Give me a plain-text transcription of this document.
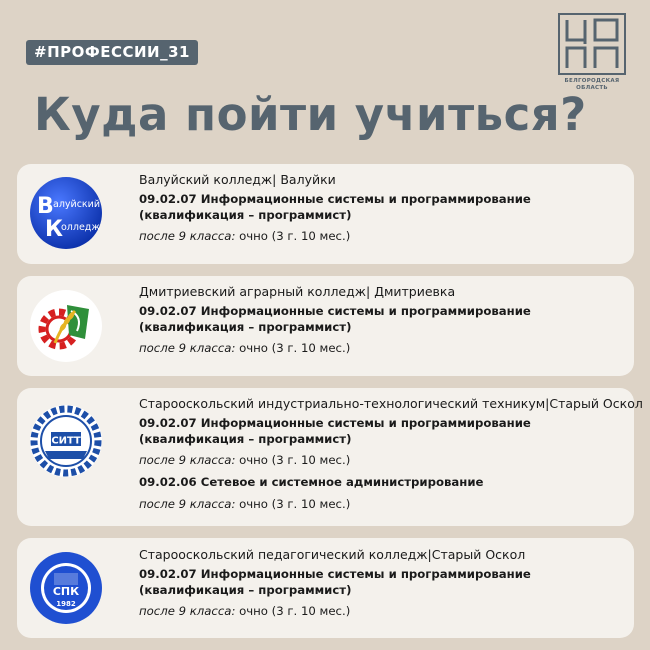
#ПРОФЕССИИ_31
ЦОПП
БЕЛГОРОДСКАЯ
ОБЛАСТЬ
Куда пойти учиться?
В алуйский
К
олледж

Валуйский колледж| Валуйки

09.02.07 Информационные системы и программирование
(квалификация – программист)

после 9 класса: очно (3 г. 10 мес.)

Дмитриевский аграрный колледж| Дмитриевка

09.02.07 Информационные системы и программирование
(квалификация – программист)

после 9 класса: очно (3 г. 10 мес.)

СИТТ

Старооскольский индустриально-технологический техникум|Старый Оскол

09.02.07 Информационные системы и программирование
(квалификация – программист)

после 9 класса: очно (3 г. 10 мес.)

09.02.06 Сетевое и системное администрирование

после 9 класса: очно (3 г. 10 мес.)

СПК
1982

Старооскольский педагогический колледж|Старый Оскол

09.02.07 Информационные системы и программирование
(квалификация – программист)

после 9 класса: очно (3 г. 10 мес.)
